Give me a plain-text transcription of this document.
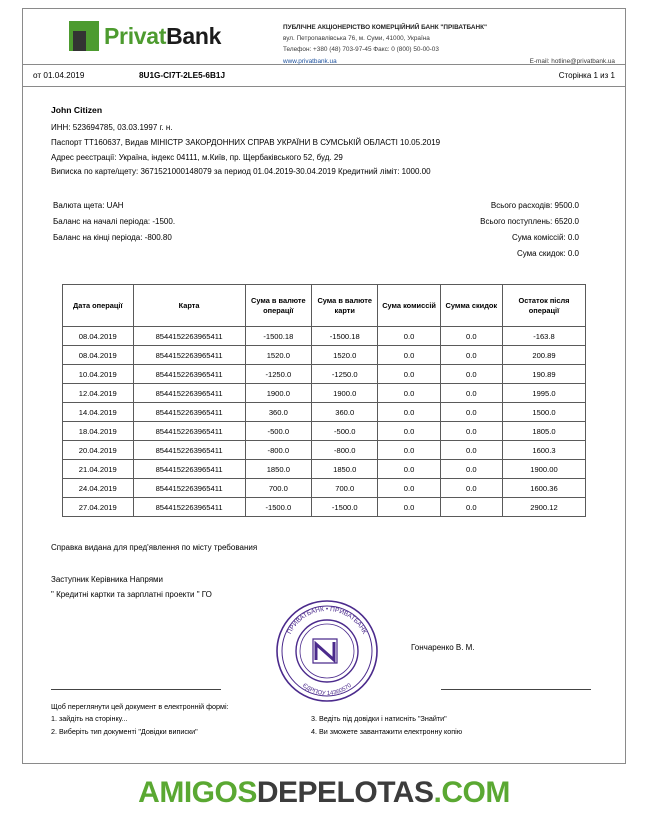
PrivatBank	ПУБЛІЧНЕ АКЦІОНЕРІСТВО КОМЕРЦІЙНИЙ БАНК "ПРІВАТБАНК"
вул. Петропавлівська 76, м. Суми, 41000, Україна
Телефон: +380 (48) 703-97-45 Факс: 0 (800) 50-00-03
www.privatbank.ua	E-mail: hotline@privatbank.ua
от 01.04.2019	8U1G-CI7T-2LE5-6B1J	Сторінка 1 из 1
John Citizen
ИНН: 523694785, 03.03.1997 г. н.
Паспорт ТТ160637, Видав МІНІСТР ЗАКОРДОННИХ СПРАВ УКРАЇНИ В СУМСЬКІЙ ОБЛАСТІ 10.05.2019
Адрес реєстрації: Україна, індекс 04111, м.Київ, пр. Щербаківського 52, буд. 29
Виписка по карте/щету: 3671521000148079 за период 01.04.2019-30.04.2019 Кредитний ліміт: 1000.00
Валюта щета: UAH
Баланс на началі періода: -1500.
Баланс на кінці періода: -800.80
Всього расходів: 9500.0
Всього поступлень: 6520.0
Сума коміссій: 0.0
Сума скидок: 0.0
Дата операції	Карта	Сума в валюте операції	Сума в валюте карти	Сума комиссій	Сумма скидок	Остаток після операції
08.04.2019	8544152263965411	-1500.18	-1500.18	0.0	0.0	-163.8
08.04.2019	8544152263965411	1520.0	1520.0	0.0	0.0	200.89
10.04.2019	8544152263965411	-1250.0	-1250.0	0.0	0.0	190.89
12.04.2019	8544152263965411	1900.0	1900.0	0.0	0.0	1995.0
14.04.2019	8544152263965411	360.0	360.0	0.0	0.0	1500.0
18.04.2019	8544152263965411	-500.0	-500.0	0.0	0.0	1805.0
20.04.2019	8544152263965411	-800.0	-800.0	0.0	0.0	1600.3
21.04.2019	8544152263965411	1850.0	1850.0	0.0	0.0	1900.00
24.04.2019	8544152263965411	700.0	700.0	0.0	0.0	1600.36
27.04.2019	8544152263965411	-1500.0	-1500.0	0.0	0.0	2900.12
Справка видана для пред'явлення по місту требования
Заступник Керівника Напрями
" Кредитні картки та зарплатні проекти " ГО
ПРИВАТБАНК • ПРИВАТБАНК
ЄДРПОУ 14360570
Гончаренко В. М.
Щоб переглянути цей документ в електронній формі:
1. зайдіть на сторінку...
2. Виберіть тип документі "Довідки виписки"

3. Ведіть під довідки і натисніть "Знайти"
4. Ви зможете завантажити електронну копію
AMIGOSDEPELOTAS.COM
